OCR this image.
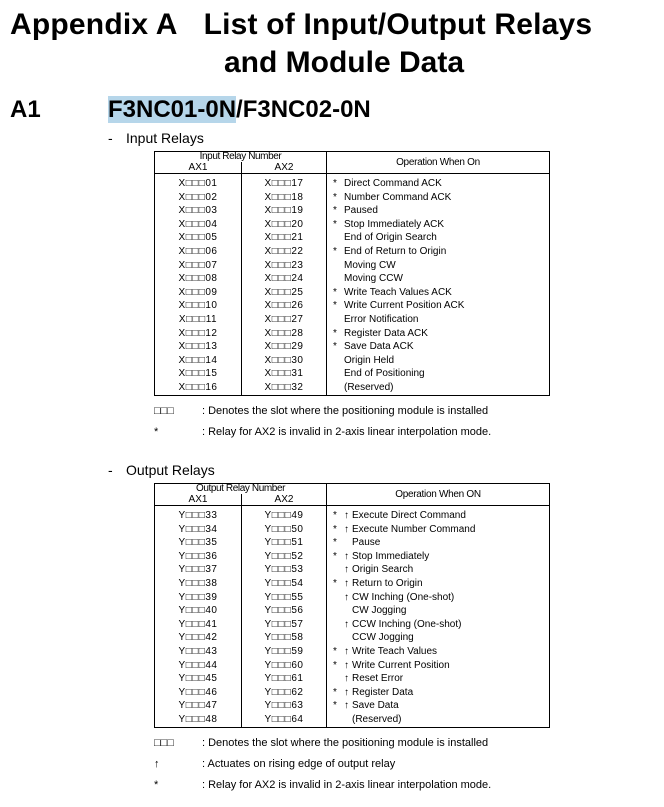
Appendix A List of Input/Output Relays
and Module Data
A1	F3NC01-0N/F3NC02-0N
- Input Relays
Input Relay Number		Operation When On
AX1	AX2	

X□□□01	X□□□17	* Direct Command ACK
X□□□02	X□□□18	* Number Command ACK
X□□□03	X□□□19	* Paused
X□□□04	X□□□20	* Stop Immediately ACK
X□□□05	X□□□21	End of Origin Search
X□□□06	X□□□22	* End of Return to Origin
X□□□07	X□□□23	Moving CW
X□□□08	X□□□24	Moving CCW
X□□□09	X□□□25	* Write Teach Values ACK
X□□□10	X□□□26	* Write Current Position ACK
X□□□11	X□□□27	Error Notification
X□□□12	X□□□28	* Register Data ACK
X□□□13	X□□□29	* Save Data ACK
X□□□14	X□□□30	Origin Held
X□□□15	X□□□31	End of Positioning
X□□□16	X□□□32	(Reserved)
□□□	: Denotes the slot where the positioning module is installed
*	: Relay for AX2 is invalid in 2-axis linear interpolation mode.
- Output Relays
Output Relay Number		Operation When ON
AX1	AX2	

Y□□□33	Y□□□49	* ↑ Execute Direct Command
Y□□□34	Y□□□50	* ↑ Execute Number Command
Y□□□35	Y□□□51	* Pause
Y□□□36	Y□□□52	* ↑ Stop Immediately
Y□□□37	Y□□□53	↑ Origin Search
Y□□□38	Y□□□54	* ↑ Return to Origin
Y□□□39	Y□□□55	↑ CW Inching (One-shot)
Y□□□40	Y□□□56	CW Jogging
Y□□□41	Y□□□57	↑ CCW Inching (One-shot)
Y□□□42	Y□□□58	CCW Jogging
Y□□□43	Y□□□59	* ↑ Write Teach Values
Y□□□44	Y□□□60	* ↑ Write Current Position
Y□□□45	Y□□□61	↑ Reset Error
Y□□□46	Y□□□62	* ↑ Register Data
Y□□□47	Y□□□63	* ↑ Save Data
Y□□□48	Y□□□64	(Reserved)
□□□	: Denotes the slot where the positioning module is installed
↑	: Actuates on rising edge of output relay
*	: Relay for AX2 is invalid in 2-axis linear interpolation mode.
